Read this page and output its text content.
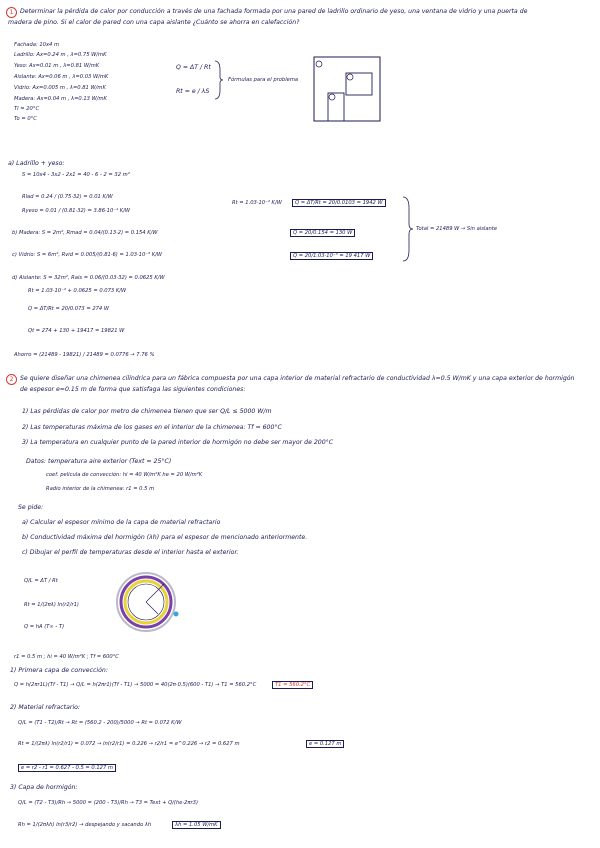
1	Determinar la pérdida de calor por conducción a través de una fachada formada por una pared de ladrillo ordinario de yeso, una ventana de vidrio y una puerta de
madera de pino. Si el calor de pared con una capa aislante ¿Cuánto se ahorra en calefacción?
Fachada: 10x4 m
Ladrillo: Ax=0.24 m , λ=0.75 W/mK
Yeso: Ax=0.01 m , λ=0.81 W/mK
Aislante: Ax=0.06 m , λ=0.03 W/mK
Vidrio: Ax=0.005 m , λ=0.81 W/mK
Madera: Ax=0.04 m , λ=0.13 W/mK
Ti = 20°C
To = 0°C
Q = ΔT / Rt
Rt = e / λS
Fórmulas para el problema
a) Ladrillo + yeso:
S = 10x4 - 3x2 - 2x1 = 40 - 6 - 2 = 32 m²
Rlad = 0.24 / (0.75·32) = 0.01 K/W
Ryeso = 0.01 / (0.81·32) = 3.86·10⁻⁴ K/W
Rt = 1.03·10⁻² K/W	Q = ΔT/Rt = 20/0.0103 = 1942 W
b) Madera: S = 2m², Rmad = 0.04/(0.13·2) = 0.154 K/W	Q = 20/0.154 = 130 W
c) Vidrio: S = 6m², Rvid = 0.005/(0.81·6) = 1.03·10⁻³ K/W	Q = 20/1.03·10⁻³ = 19 417 W
Total = 21489 W → Sin aislante
d) Aislante: S = 32m², Rais = 0.06/(0.03·32) = 0.0625 K/W
Rt = 1.03·10⁻² + 0.0625 = 0.073 K/W
Q = ΔT/Rt = 20/0.073 = 274 W
Qt = 274 + 130 + 19417 = 19821 W
Ahorro = (21489 - 19821) / 21489 = 0.0776 → 7.76 %
2	Se quiere diseñar una chimenea cilíndrica para un fábrica compuesta por una capa interior de material refractario de conductividad λ=0.5 W/mK y una capa exterior de hormigón
de espesor e=0.15 m de forma que satisfaga las siguientes condiciones:
1) Las pérdidas de calor por metro de chimenea tienen que ser Q/L ≤ 5000 W/m
2) Las temperaturas máxima de los gases en el interior de la chimenea: Tf = 600°C
3) La temperatura en cualquier punto de la pared interior de hormigón no debe ser mayor de 200°C
Datos: temperatura aire exterior (Text = 25°C)
coef. pelicula de convección: hi = 40 W/m²K he = 20 W/m²K
Radio interior de la chimenea: r1 = 0.5 m
Se pide:
a) Calcular el espesor mínimo de la capa de material refractario
b) Conductividad máxima del hormigón (λh) para el espesor de mencionado anteriormente.
c) Dibujar el perfil de temperaturas desde el interior hasta el exterior.
Q/L = ΔT / Rt
Rt = 1/(2πλ) ln(r2/r1)
Q = hA (T∞ - T)
r1 = 0.5 m ; hi = 40 W/m²K ; Tf = 600°C
1) Primera capa de convección:
Q = h(2πr1L)(Tf - T1) → Q/L = h(2πr1)(Tf - T1) → 5000 = 40(2π·0.5)(600 - T1) → T1 = 560.2°C	T1 = 560.2°C
2) Material refractario:
Q/L = (T1 - T2)/Rt → Rt = (560.2 - 200)/5000 → Rt = 0.072 K/W
Rt = 1/(2πλ) ln(r2/r1) = 0.072 → ln(r2/r1) = 0.226 → r2/r1 = e^0.226 → r2 = 0.627 m	e = 0.127 m
e = r2 - r1 = 0.627 - 0.5 = 0.127 m
3) Capa de hormigón:
Q/L = (T2 - T3)/Rh → 5000 = (200 - T3)/Rh → T3 = Text + Q/(he·2πr3)
Rh = 1/(2πλh) ln(r3/r2) → despejando y sacando λh	λh = 1.05 W/mK
